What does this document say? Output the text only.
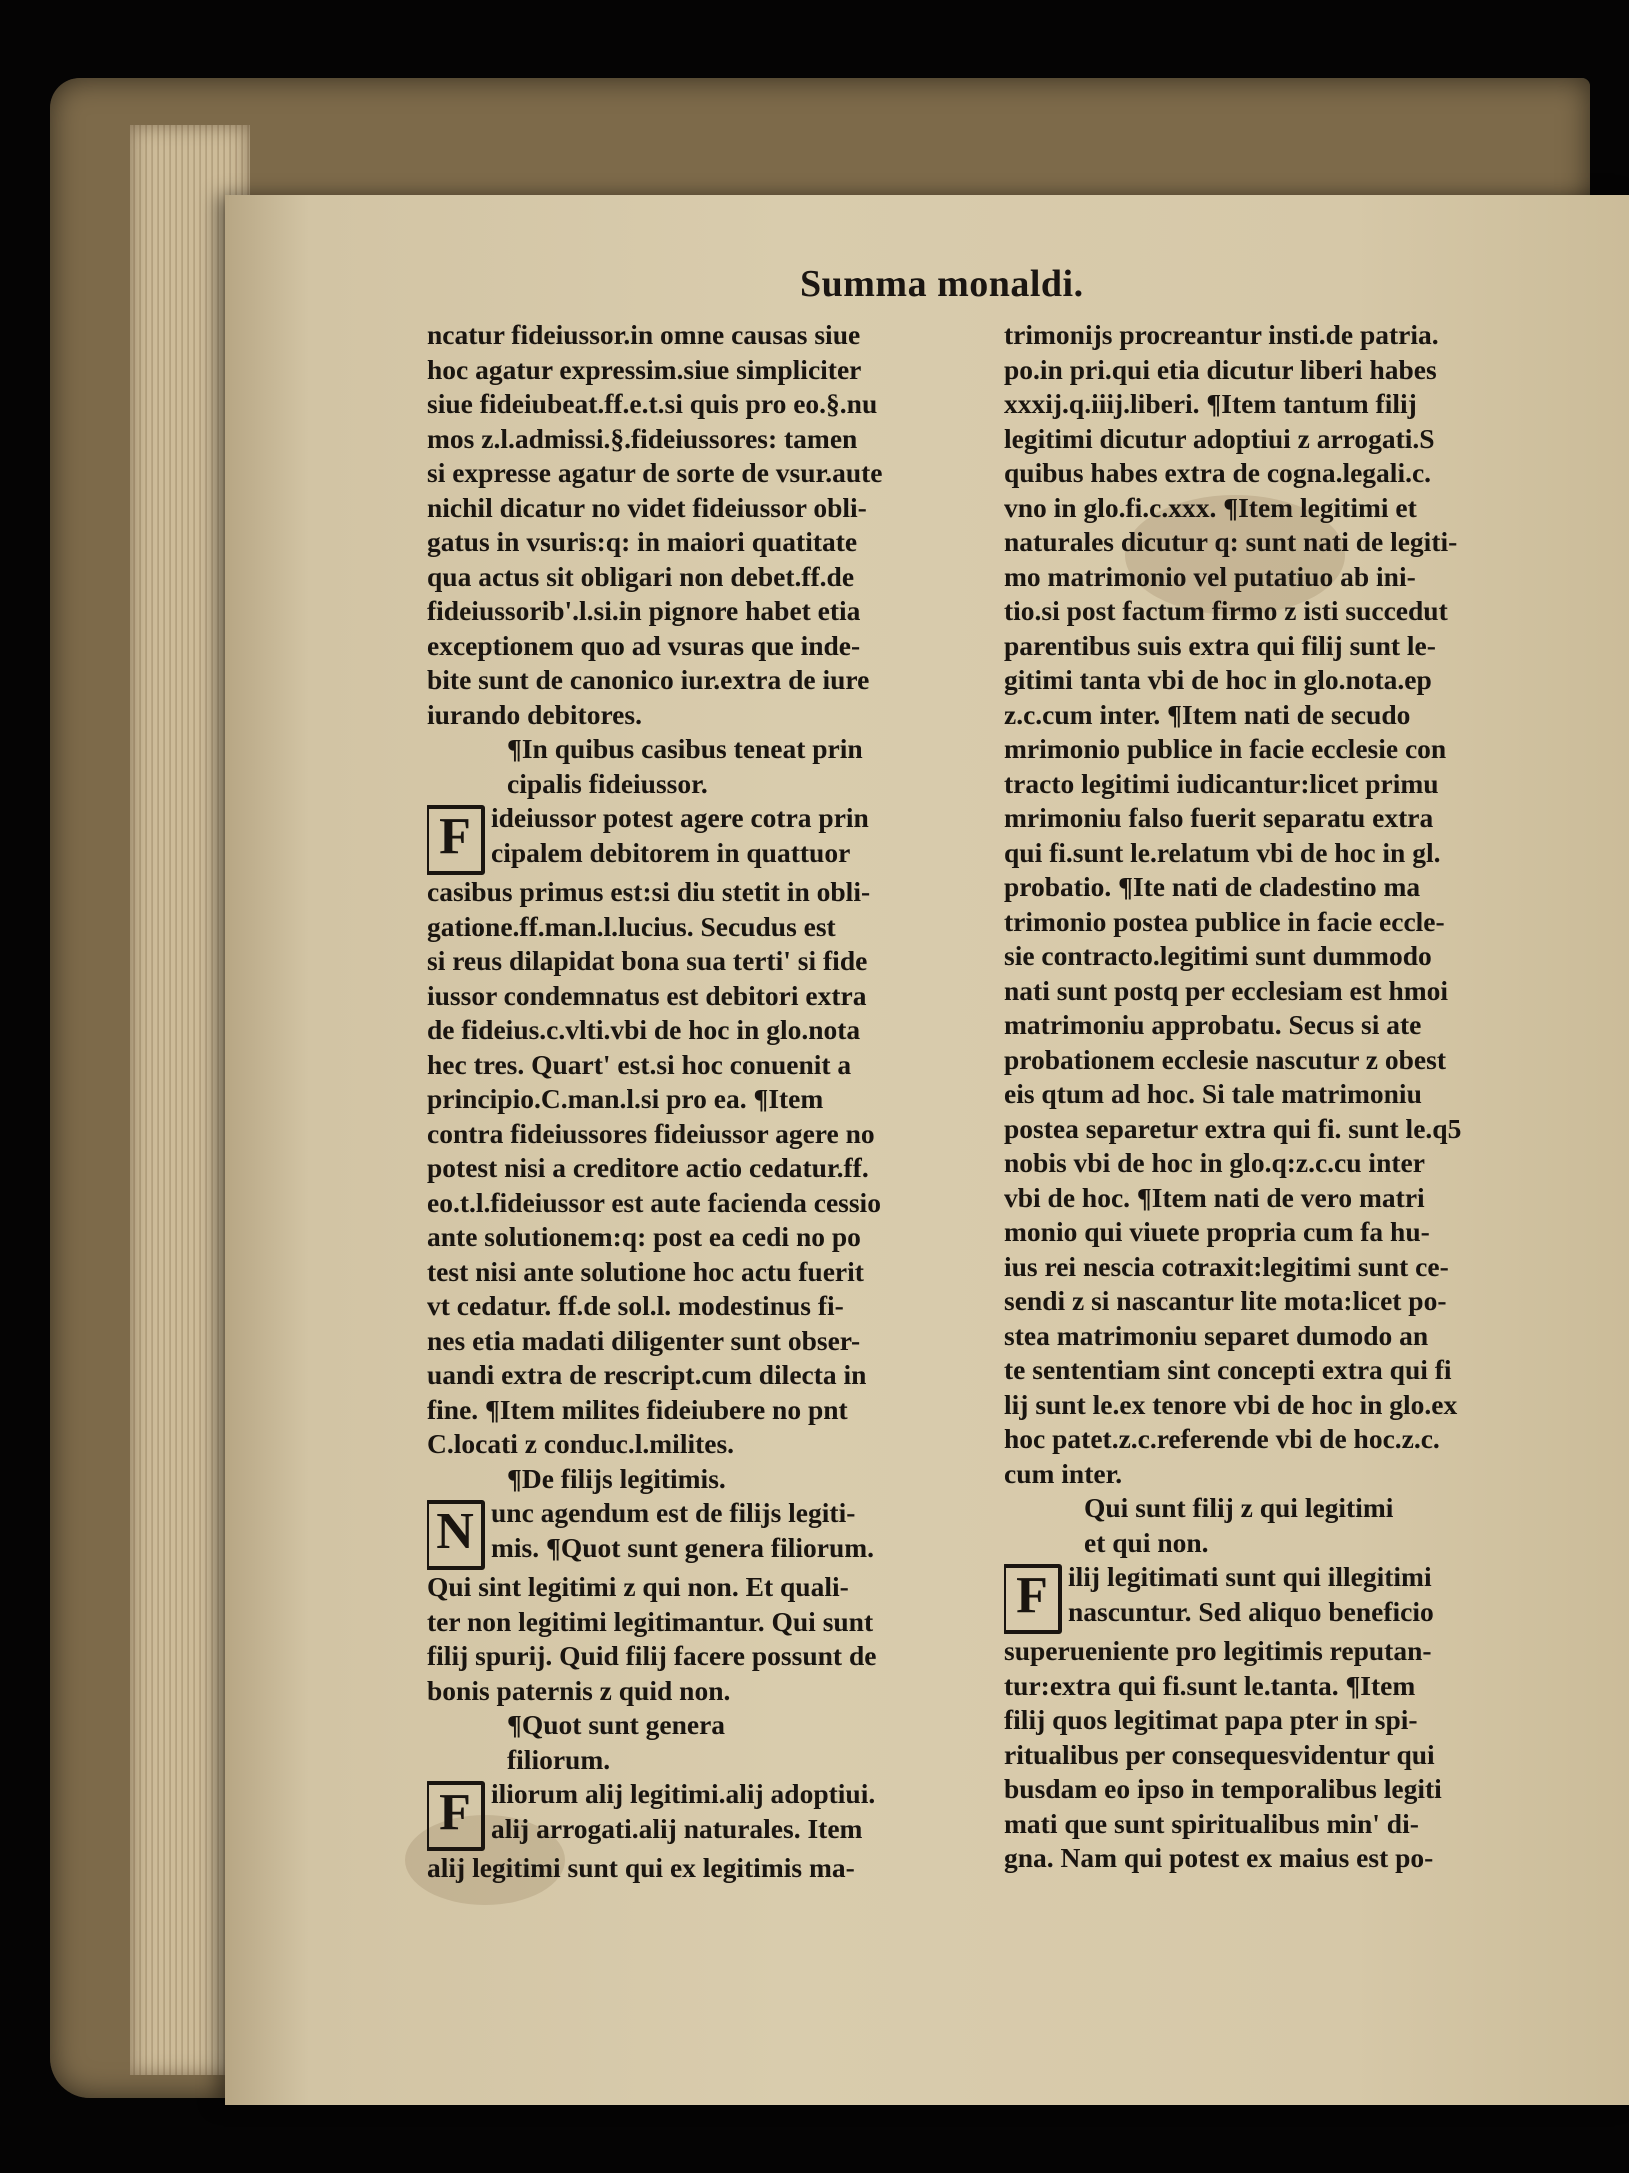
Summa monaldi.
ncatur fideiussor.in omne causas siue
hoc agatur expressim.siue simpliciter
siue fideiubeat.ff.e.t.si quis pro eo.§.nu
mos z.l.admissi.§.fideiussores: tamen
si expresse agatur de sorte de vsur.aute
nichil dicatur no videt fideiussor obli-
gatus in vsuris:q: in maiori quatitate
qua actus sit obligari non debet.ff.de
fideiussorib'.l.si.in pignore habet etia
exceptionem quo ad vsuras que inde-
bite sunt de canonico iur.extra de iure
iurando debitores.
¶In quibus casibus teneat prin
cipalis fideiussor.
F ideiussor potest agere cotra prin
cipalem debitorem in quattuor
casibus primus est:si diu stetit in obli-
gatione.ff.man.l.lucius. Secudus est
si reus dilapidat bona sua terti' si fide
iussor condemnatus est debitori extra
de fideius.c.vlti.vbi de hoc in glo.nota
hec tres. Quart' est.si hoc conuenit a
principio.C.man.l.si pro ea. ¶Item
contra fideiussores fideiussor agere no
potest nisi a creditore actio cedatur.ff.
eo.t.l.fideiussor est aute facienda cessio
ante solutionem:q: post ea cedi no po
test nisi ante solutione hoc actu fuerit
vt cedatur. ff.de sol.l. modestinus fi-
nes etia madati diligenter sunt obser-
uandi extra de rescript.cum dilecta in
fine. ¶Item milites fideiubere no pnt
C.locati z conduc.l.milites.
¶De filijs legitimis.
N unc agendum est de filijs legiti-
mis. ¶Quot sunt genera filiorum.
Qui sint legitimi z qui non. Et quali-
ter non legitimi legitimantur. Qui sunt
filij spurij. Quid filij facere possunt de
bonis paternis z quid non.
¶Quot sunt genera
filiorum.
F iliorum alij legitimi.alij adoptiui.
alij arrogati.alij naturales. Item
alij legitimi sunt qui ex legitimis ma-
trimonijs procreantur insti.de patria.
po.in pri.qui etia dicutur liberi habes
xxxij.q.iiij.liberi. ¶Item tantum filij
legitimi dicutur adoptiui z arrogati.S
quibus habes extra de cogna.legali.c.
vno in glo.fi.c.xxx. ¶Item legitimi et
naturales dicutur q: sunt nati de legiti-
mo matrimonio vel putatiuo ab ini-
tio.si post factum firmo z isti succedut
parentibus suis extra qui filij sunt le-
gitimi tanta vbi de hoc in glo.nota.ep
z.c.cum inter. ¶Item nati de secudo
mrimonio publice in facie ecclesie con
tracto legitimi iudicantur:licet primu
mrimoniu falso fuerit separatu extra
qui fi.sunt le.relatum vbi de hoc in gl.
probatio. ¶Ite nati de cladestino ma
trimonio postea publice in facie eccle-
sie contracto.legitimi sunt dummodo
nati sunt postq per ecclesiam est hmoi
matrimoniu approbatu. Secus si ate
probationem ecclesie nascutur z obest
eis qtum ad hoc. Si tale matrimoniu
postea separetur extra qui fi. sunt le.q5
nobis vbi de hoc in glo.q:z.c.cu inter
vbi de hoc. ¶Item nati de vero matri
monio qui viuete propria cum fa hu-
ius rei nescia cotraxit:legitimi sunt ce-
sendi z si nascantur lite mota:licet po-
stea matrimoniu separet dumodo an
te sententiam sint concepti extra qui fi
lij sunt le.ex tenore vbi de hoc in glo.ex
hoc patet.z.c.referende vbi de hoc.z.c.
cum inter.
Qui sunt filij z qui legitimi
et qui non.
F ilij legitimati sunt qui illegitimi
nascuntur. Sed aliquo beneficio
superueniente pro legitimis reputan-
tur:extra qui fi.sunt le.tanta. ¶Item
filij quos legitimat papa pter in spi-
ritualibus per consequesvidentur qui
busdam eo ipso in temporalibus legiti
mati que sunt spiritualibus min' di-
gna. Nam qui potest ex maius est po-
